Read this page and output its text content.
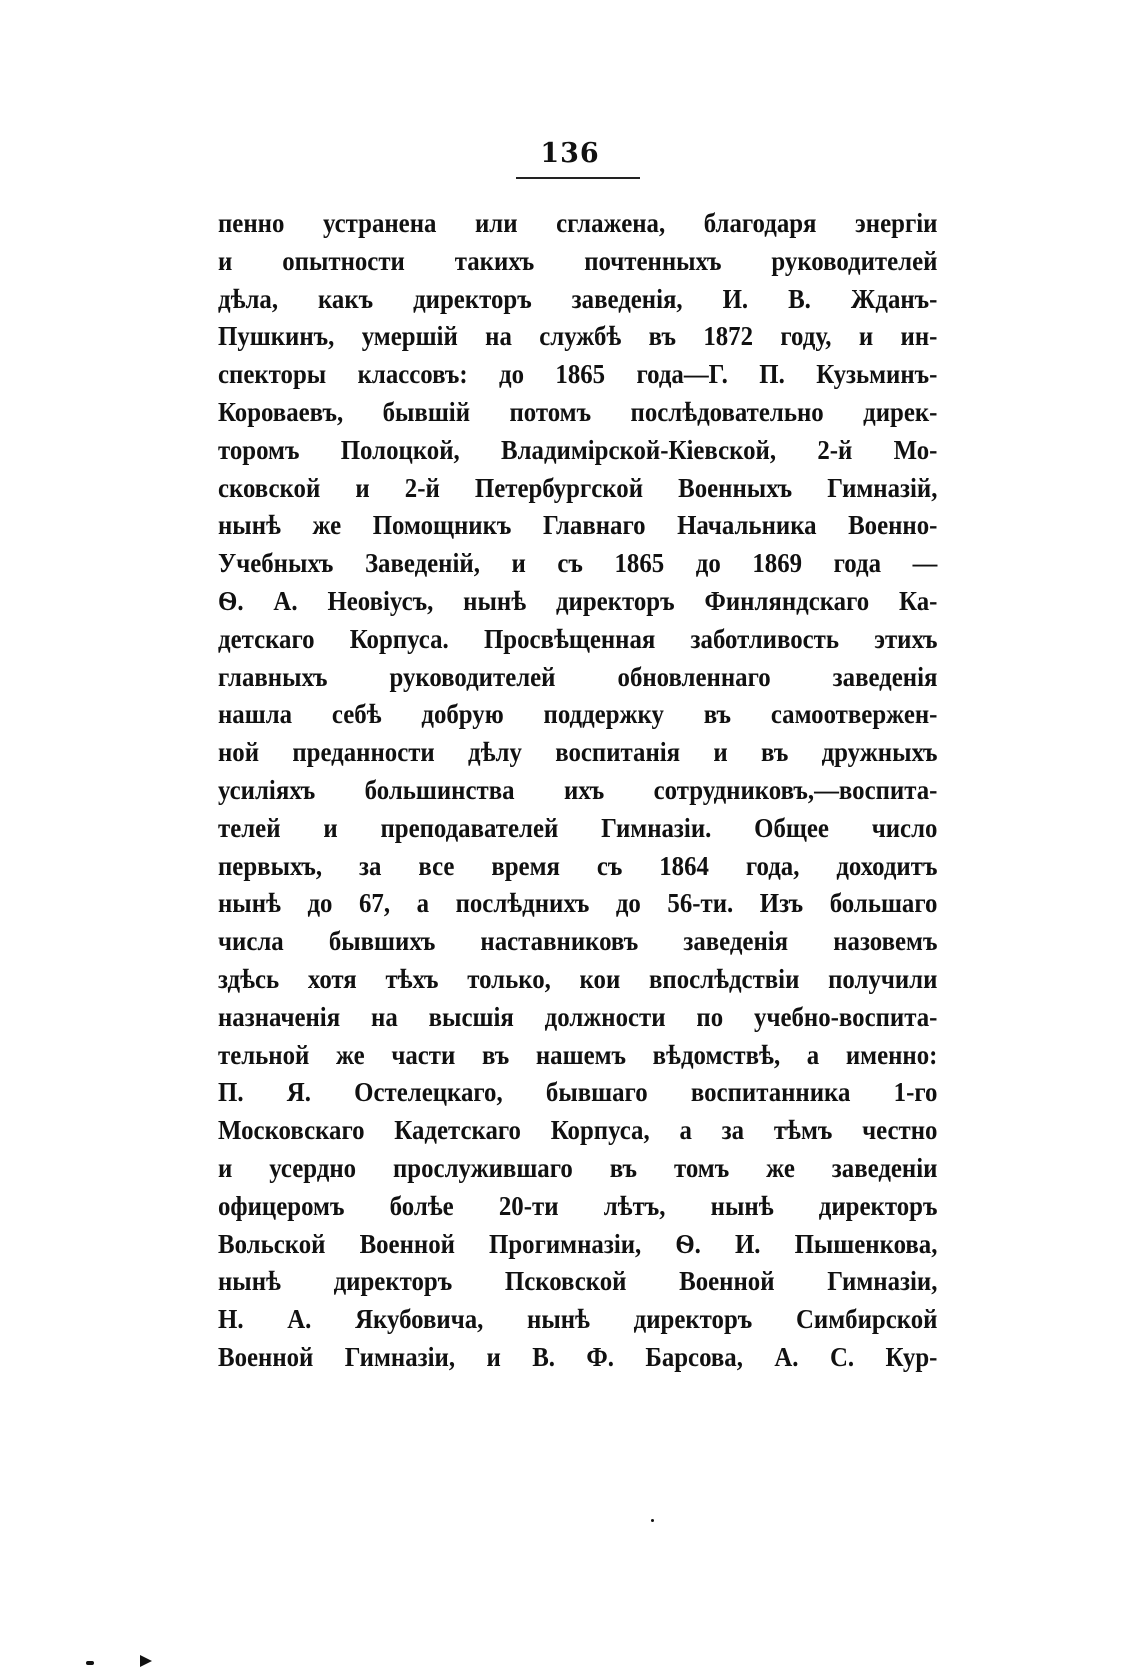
136
пенно устранена или сглажена, благодаря энергіи
и опытности такихъ почтенныхъ руководителей
дѣла, какъ директоръ заведенія, И. В. Жданъ-
Пушкинъ, умершій на службѣ въ 1872 году, и ин-
спекторы классовъ: до 1865 года—Г. П. Кузьминъ-
Короваевъ, бывшій потомъ послѣдовательно дирек-
торомъ Полоцкой, Владимірской-Кіевской, 2-й Мо-
сковской и 2-й Петербургской Военныхъ Гимназій,
нынѣ же Помощникъ Главнаго Начальника Военно-
Учебныхъ Заведеній, и съ 1865 до 1869 года —
Ѳ. А. Неовіусъ, нынѣ директоръ Финляндскаго Ка-
детскаго Корпуса. Просвѣщенная заботливость этихъ
главныхъ руководителей обновленнаго заведенія
нашла себѣ добрую поддержку въ самоотвержен-
ной преданности дѣлу воспитанія и въ дружныхъ
усиліяхъ большинства ихъ сотрудниковъ,—воспита-
телей и преподавателей Гимназіи. Общее число
первыхъ, за все время съ 1864 года, доходитъ
нынѣ до 67, а послѣднихъ до 56-ти. Изъ большаго
числа бывшихъ наставниковъ заведенія назовемъ
здѣсь хотя тѣхъ только, кои впослѣдствіи получили
назначенія на высшія должности по учебно-воспита-
тельной же части въ нашемъ вѣдомствѣ, а именно:
П. Я. Остелецкаго, бывшаго воспитанника 1-го
Московскаго Кадетскаго Корпуса, а за тѣмъ честно
и усердно прослужившаго въ томъ же заведеніи
офицеромъ болѣе 20-ти лѣтъ, нынѣ директоръ
Вольской Военной Прогимназіи, Ѳ. И. Пышенкова,
нынѣ директоръ Псковской Военной Гимназіи,
Н. А. Якубовича, нынѣ директоръ Симбирской
Военной Гимназіи, и В. Ф. Барсова, А. С. Кур-
